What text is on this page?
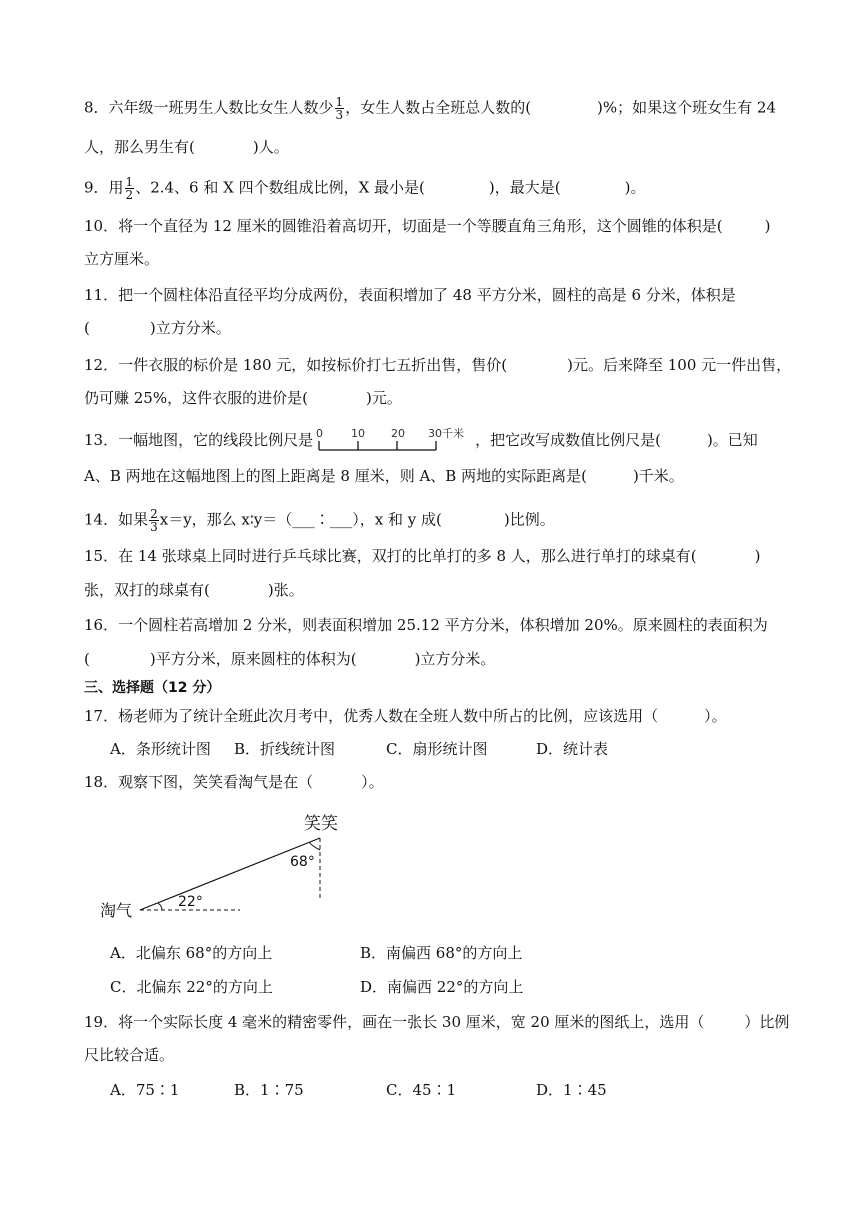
8．六年级一班男生人数比女生人数少 $\frac{1}{3}$ ，女生人数占全班总人数的(	)%；如果这个班女生有 24
人，那么男生有(	)人。
9．用 $\frac{1}{2}$ 、2.4、6 和 X 四个数组成比例，X 最小是(	)，最大是(	)。
10．将一个直径为 12 厘米的圆锥沿着高切开，切面是一个等腰直角三角形，这个圆锥的体积是(	)
立方厘米。
11．把一个圆柱体沿直径平均分成两份，表面积增加了 48 平方分米，圆柱的高是 6 分米，体积是
(	)立方分米。
12．一件衣服的标价是 180 元，如按标价打七五折出售，售价(	)元。后来降至 100 元一件出售，
仍可赚 25%，这件衣服的进价是(	)元。
13．一幅地图，它的线段比例尺是 0	10 20 30千米 ，把它改写成数值比例尺是(	)。已知
A、B 两地在这幅地图上的图上距离是 8 厘米，则 A、B 两地的实际距离是(	)千米。
14．如果 $\frac{2}{3} x=y$，那么 x∶y＝（___∶___），x 和 y 成(	)比例。
15．在 14 张球桌上同时进行乒乓球比赛，双打的比单打的多 8 人，那么进行单打的球桌有(	)
张，双打的球桌有(	)张。
16．一个圆柱若高增加 2 分米，则表面积增加 25.12 平方分米，体积增加 20%。原来圆柱的表面积为
(	)平方分米，原来圆柱的体积为(	)立方分米。
三、选择题（12 分）
17．杨老师为了统计全班此次月考中，优秀人数在全班人数中所占的比例，应该选用（	）。
A．条形统计图 B．折线统计图	C．扇形统计图	D．统计表
18．观察下图，笑笑看淘气是在（	）。
笑笑
淘气
68°
22°
A．北偏东 68°的方向上	B．南偏西 68°的方向上
C．北偏东 22°的方向上	D．南偏西 22°的方向上
19．将一个实际长度 4 毫米的精密零件，画在一张长 30 厘米，宽 20 厘米的图纸上，选用（	）比例
尺比较合适。
A．75∶1	B．1∶75	C．45∶1	D．1∶45
